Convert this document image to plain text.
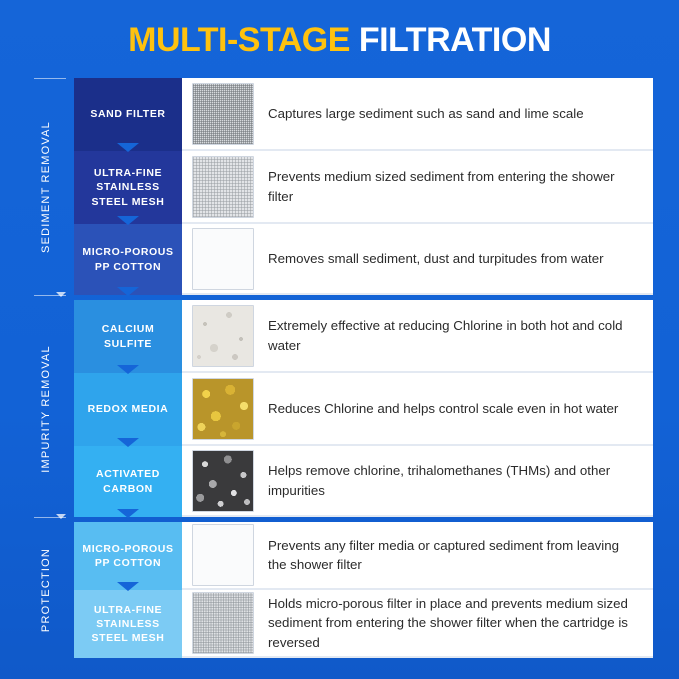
MULTI-STAGE FILTRATION
SEDIMENT REMOVAL
IMPURITY REMOVAL
PROTECTION
SAND FILTER	Captures large sediment such as sand and lime scale
ULTRA-FINE STAINLESS STEEL MESH
Prevents medium sized sediment from entering the shower filter
MICRO-POROUS PP COTTON
Removes small sediment, dust and turpitudes from water
CALCIUM SULFITE
Extremely effective at reducing Chlorine in both hot and cold water
REDOX MEDIA	Reduces Chlorine and helps control scale even in hot water
ACTIVATED CARBON
Helps remove chlorine, trihalomethanes (THMs) and other impurities
MICRO-POROUS PP COTTON
Prevents any filter media or captured sediment from leaving the shower filter
ULTRA-FINE STAINLESS STEEL MESH
Holds micro-porous filter in place and prevents medium sized sediment from entering the shower filter when the cartridge is reversed
